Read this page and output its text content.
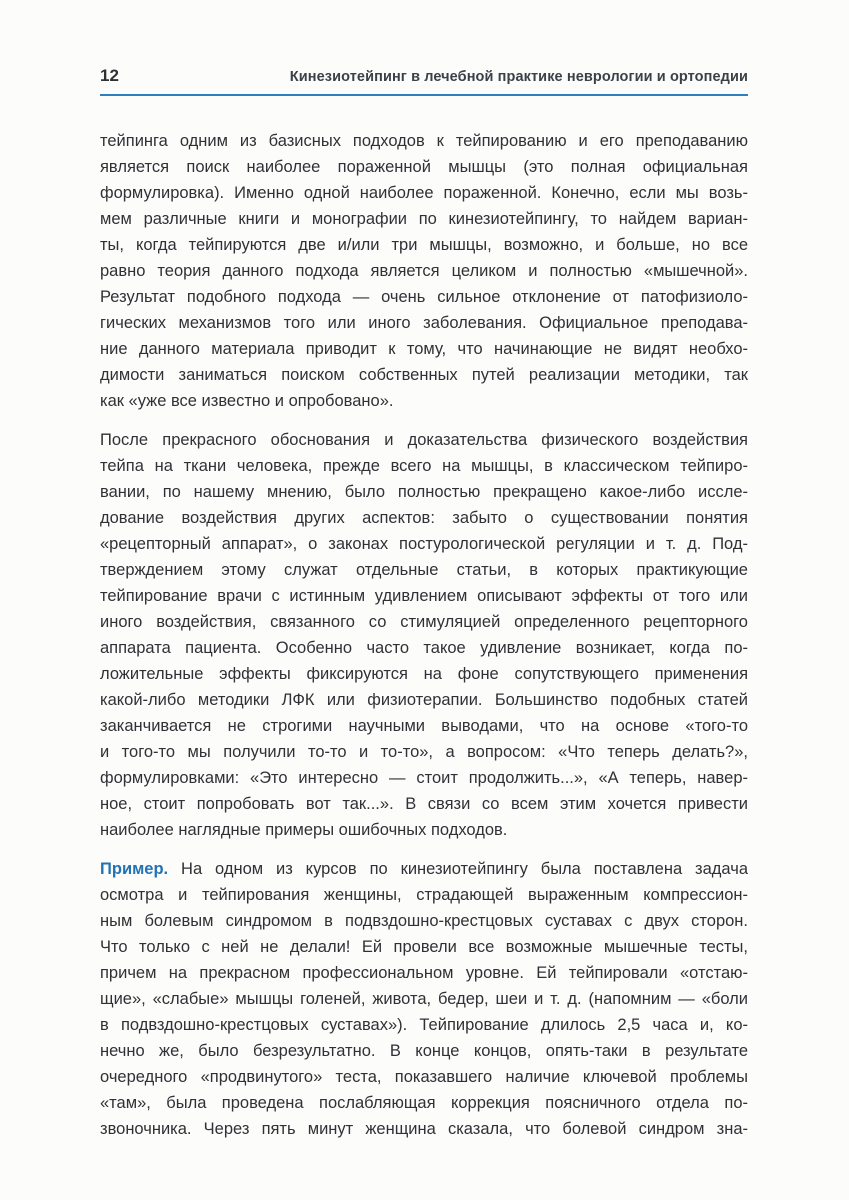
12	Кинезиотейпинг в лечебной практике неврологии и ортопедии
тейпинга одним из базисных подходов к тейпированию и его преподаванию
является поиск наиболее пораженной мышцы (это полная официальная
формулировка). Именно одной наиболее пораженной. Конечно, если мы возь-
мем различные книги и монографии по кинезиотейпингу, то найдем вариан-
ты, когда тейпируются две и/или три мышцы, возможно, и больше, но все
равно теория данного подхода является целиком и полностью «мышечной».
Результат подобного подхода — очень сильное отклонение от патофизиоло-
гических механизмов того или иного заболевания. Официальное преподава-
ние данного материала приводит к тому, что начинающие не видят необхо-
димости заниматься поиском собственных путей реализации методики, так
как «уже все известно и опробовано».
После прекрасного обоснования и доказательства физического воздействия
тейпа на ткани человека, прежде всего на мышцы, в классическом тейпиро-
вании, по нашему мнению, было полностью прекращено какое-либо иссле-
дование воздействия других аспектов: забыто о существовании понятия
«рецепторный аппарат», о законах постурологической регуляции и т. д. Под-
тверждением этому служат отдельные статьи, в которых практикующие
тейпирование врачи с истинным удивлением описывают эффекты от того или
иного воздействия, связанного со стимуляцией определенного рецепторного
аппарата пациента. Особенно часто такое удивление возникает, когда по-
ложительные эффекты фиксируются на фоне сопутствующего применения
какой-либо методики ЛФК или физиотерапии. Большинство подобных статей
заканчивается не строгими научными выводами, что на основе «того-то
и того-то мы получили то-то и то-то», а вопросом: «Что теперь делать?»,
формулировками: «Это интересно — стоит продолжить...», «А теперь, навер-
ное, стоит попробовать вот так...». В связи со всем этим хочется привести
наиболее наглядные примеры ошибочных подходов.
Пример. На одном из курсов по кинезиотейпингу была поставлена задача
осмотра и тейпирования женщины, страдающей выраженным компрессион-
ным болевым синдромом в подвздошно-крестцовых суставах с двух сторон.
Что только с ней не делали! Ей провели все возможные мышечные тесты,
причем на прекрасном профессиональном уровне. Ей тейпировали «отстаю-
щие», «слабые» мышцы голеней, живота, бедер, шеи и т. д. (напомним — «боли
в подвздошно-крестцовых суставах»). Тейпирование длилось 2,5 часа и, ко-
нечно же, было безрезультатно. В конце концов, опять-таки в результате
очередного «продвинутого» теста, показавшего наличие ключевой проблемы
«там», была проведена послабляющая коррекция поясничного отдела по-
звоночника. Через пять минут женщина сказала, что болевой синдром зна-
